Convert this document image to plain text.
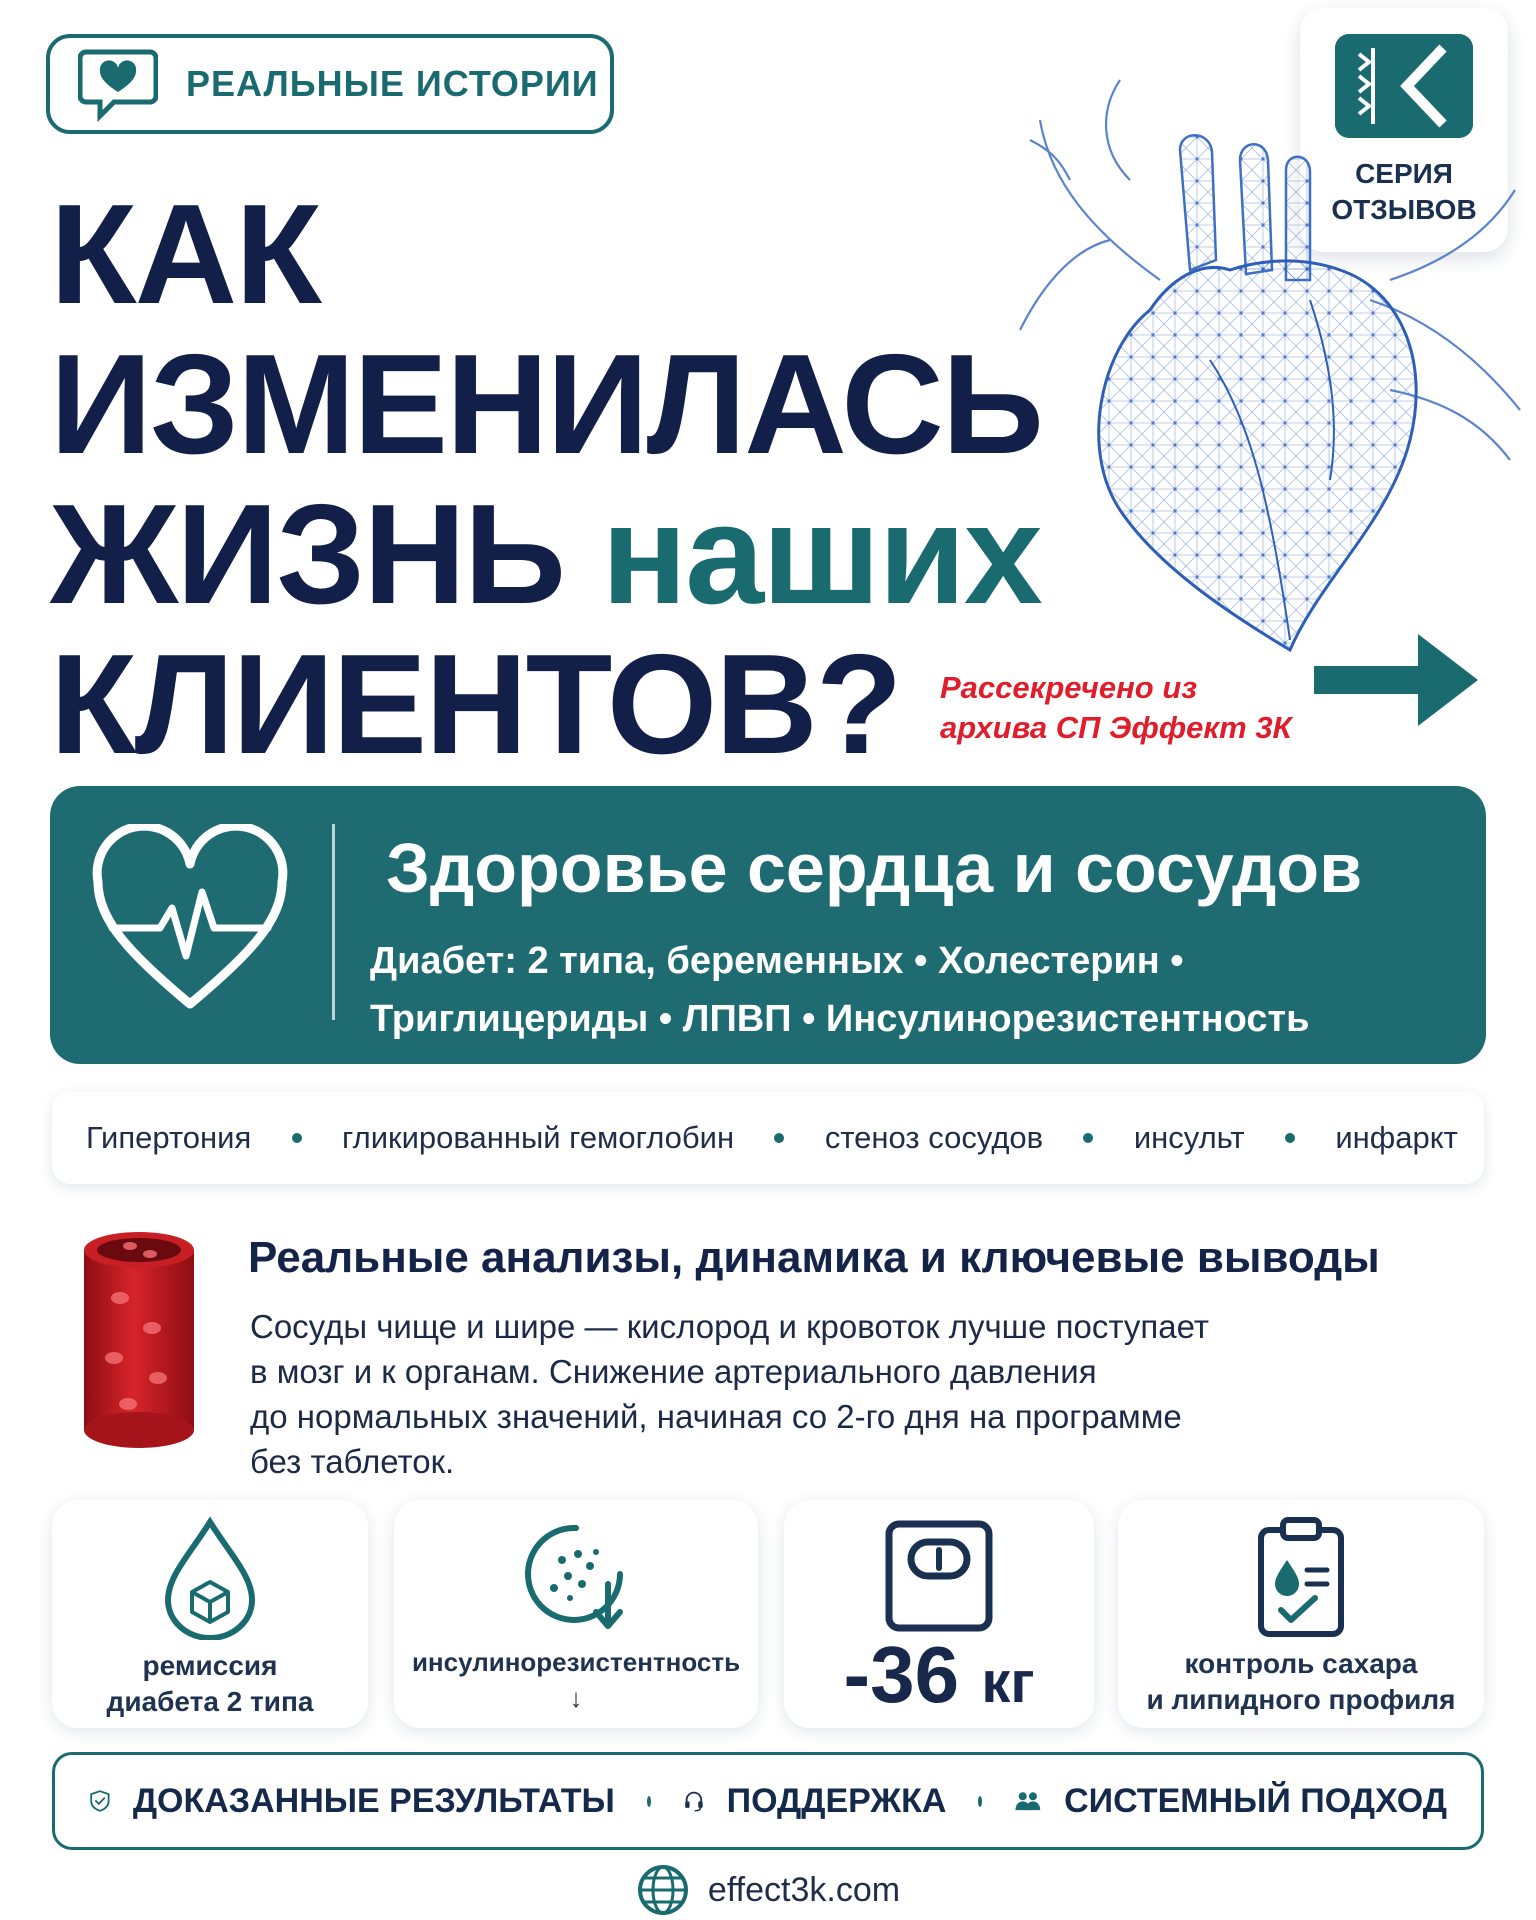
РЕАЛЬНЫЕ ИСТОРИИ
СЕРИЯ
ОТЗЫВОВ
КАК
ИЗМЕНИЛАСЬ
ЖИЗНЬ наших
КЛИЕНТОВ?	Рассекречено из
архива СП Эффект 3К
Здоровье сердца и сосудов
Диабет: 2 типа, беременных • Холестерин •
Триглицериды • ЛПВП • Инсулинорезистентность
Гипертония	гликированный гемоглобин	стеноз сосудов	инсульт	инфаркт
Реальные анализы, динамика и ключевые выводы
Сосуды чище и шире — кислород и кровоток лучше поступает
в мозг и к органам. Снижение артериального давления
до нормальных значений, начиная со 2-го дня на программе
без таблеток.
ремиссия
диабета 2 типа
инсулинорезистентность
↓	-36 кг	контроль сахара
и липидного профиля
ДОКАЗАННЫЕ РЕЗУЛЬТАТЫ	ПОДДЕРЖКА	СИСТЕМНЫЙ ПОДХОД
effect3k.com
